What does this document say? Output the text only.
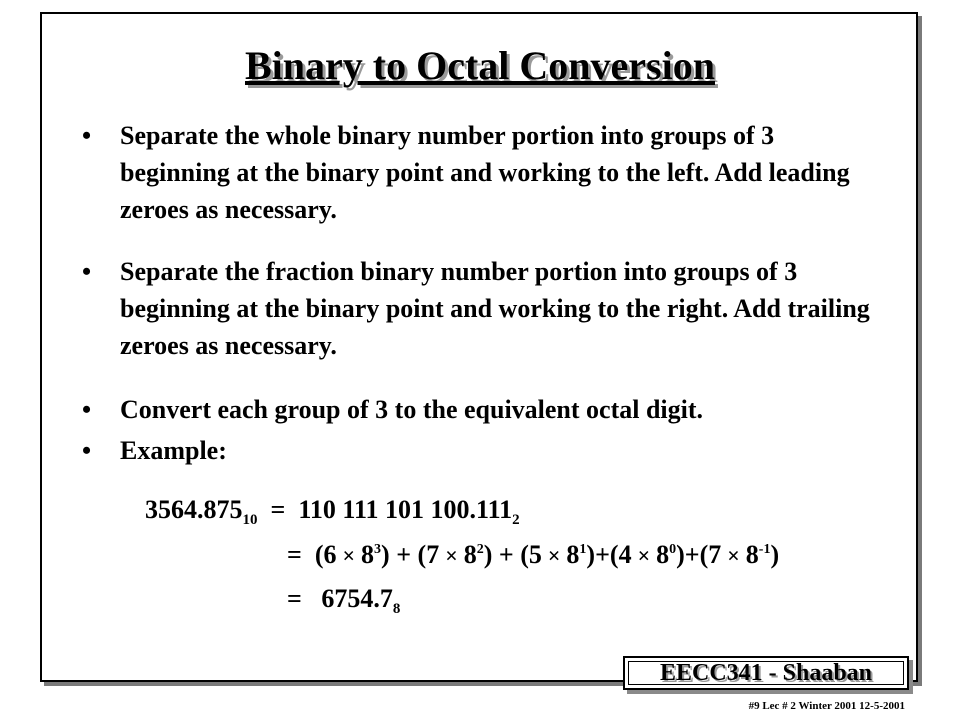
Binary to Octal Conversion
•	Separate the whole binary number portion into groups of 3 beginning at the binary point and working to the left. Add leading zeroes as necessary.
•	Separate the fraction binary number portion into groups of 3 beginning at the binary point and working to the right. Add trailing zeroes as necessary.
•	Convert each group of 3 to the equivalent octal digit.
•	Example:
$3564.875_{10} = 110$ 111 101 $100.111_2$
=  $(6 \times 8^3) + (7 \times 8^2) + (5 \times 8^1)+(4 \times 8^0)+(7 \times 8^{-1})$
= $6754.7_8$
EECC341 - Shaaban
#9 Lec # 2 Winter 2001 12-5-2001
